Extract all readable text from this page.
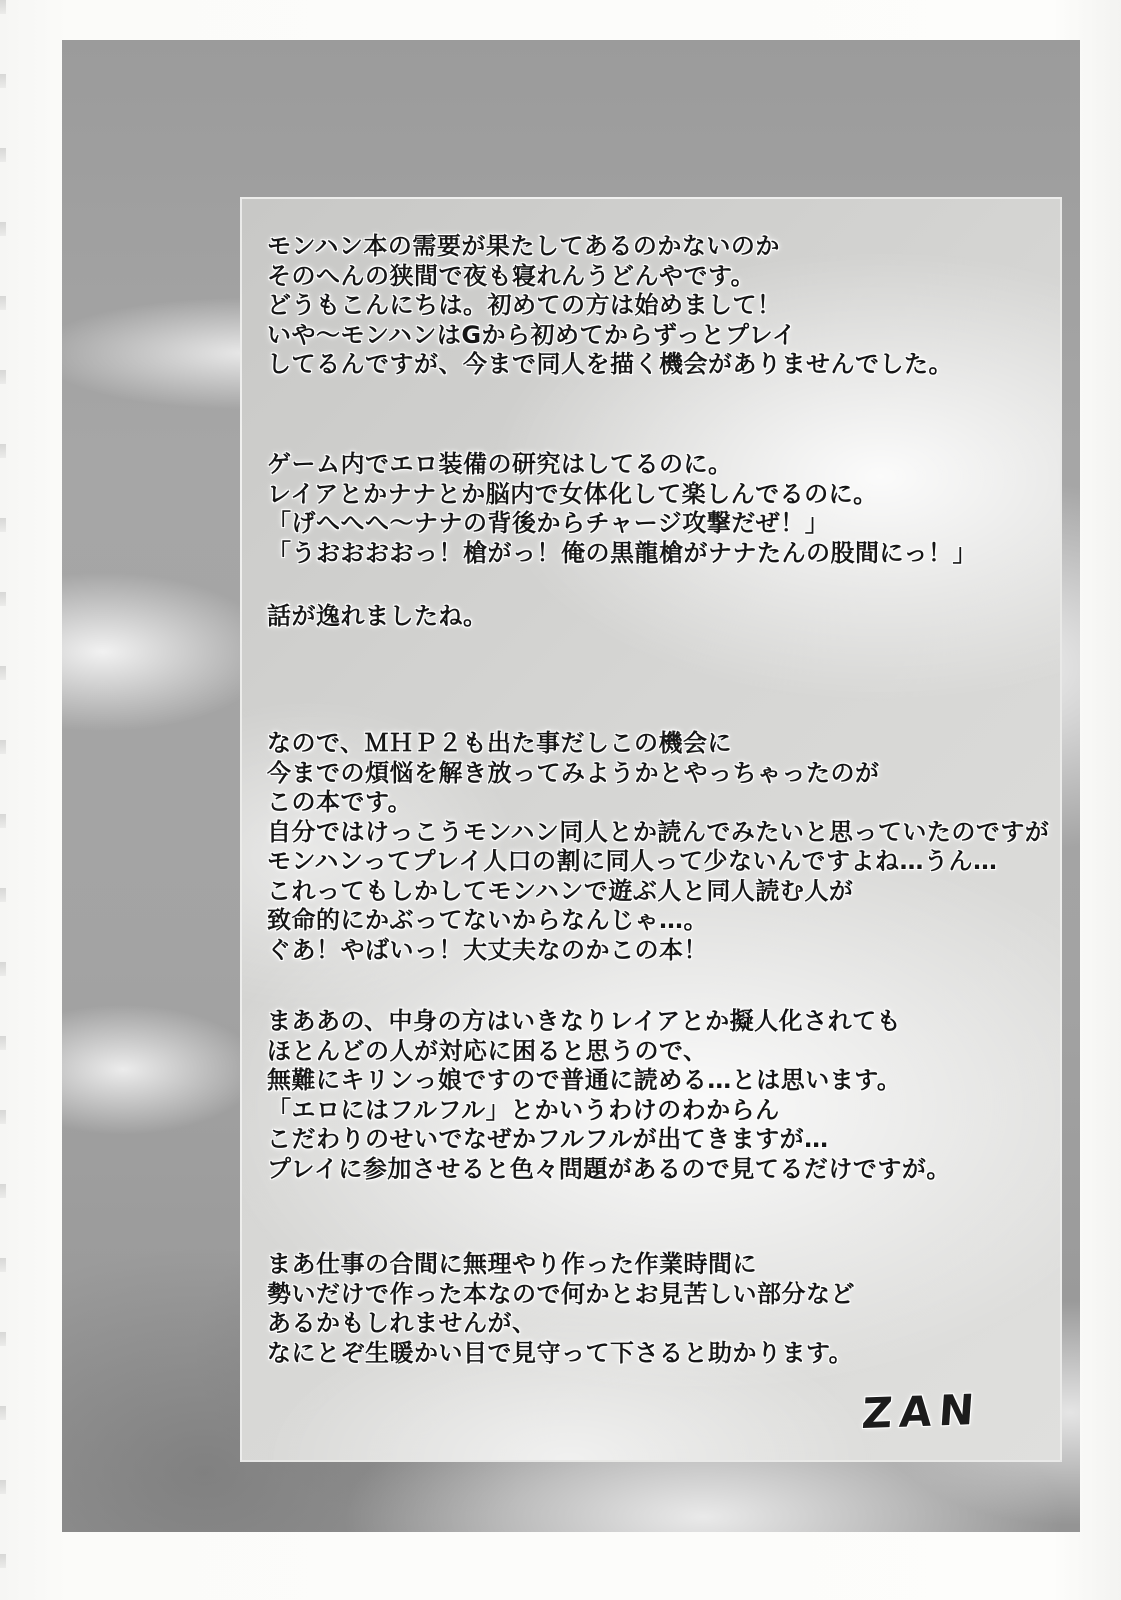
モンハン本の需要が果たしてあるのかないのか
そのへんの狭間で夜も寝れんうどんやです。
どうもこんにちは。初めての方は始めまして！
いや～モンハンはGから初めてからずっとプレイ
してるんですが、今まで同人を描く機会がありませんでした。
ゲーム内でエロ装備の研究はしてるのに。
レイアとかナナとか脳内で女体化して楽しんでるのに。
「げへへへ～ナナの背後からチャージ攻撃だぜ！」
「うおおおおっ！槍がっ！俺の黒龍槍がナナたんの股間にっ！」
話が逸れましたね。
なので、ＭＨＰ２も出た事だしこの機会に
今までの煩悩を解き放ってみようかとやっちゃったのが
この本です。
自分ではけっこうモンハン同人とか読んでみたいと思っていたのですが
モンハンってプレイ人口の割に同人って少ないんですよね…うん…
これってもしかしてモンハンで遊ぶ人と同人読む人が
致命的にかぶってないからなんじゃ…。
ぐあ！やばいっ！大丈夫なのかこの本！
まああの、中身の方はいきなりレイアとか擬人化されても
ほとんどの人が対応に困ると思うので、
無難にキリンっ娘ですので普通に読める…とは思います。
「エロにはフルフル」とかいうわけのわからん
こだわりのせいでなぜかフルフルが出てきますが…
プレイに参加させると色々問題があるので見てるだけですが。
まあ仕事の合間に無理やり作った作業時間に
勢いだけで作った本なので何かとお見苦しい部分など
あるかもしれませんが、
なにとぞ生暖かい目で見守って下さると助かります。
ZAN
